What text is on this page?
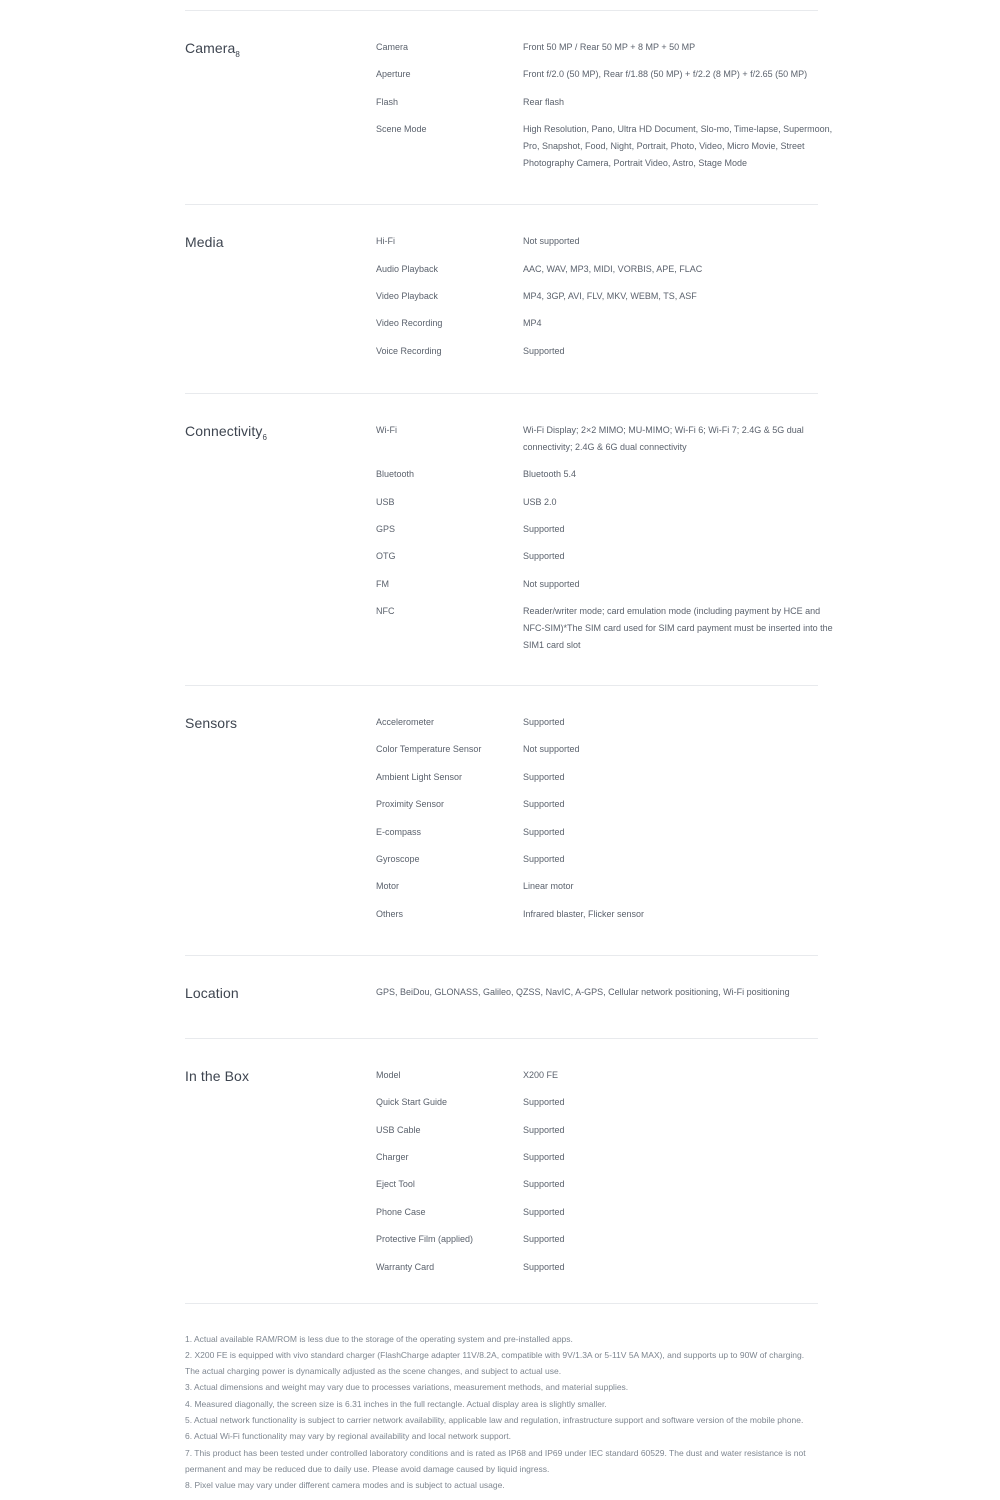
Camera$_8$
Camera	Front 50 MP / Rear 50 MP + 8 MP + 50 MP
Aperture	Front f/2.0 (50 MP), Rear f/1.88 (50 MP) + f/2.2 (8 MP) + f/2.65 (50 MP)
Flash	Rear flash
Scene Mode	High Resolution, Pano, Ultra HD Document, Slo-mo, Time-lapse, Supermoon, Pro, Snapshot, Food, Night, Portrait, Photo, Video, Micro Movie, Street Photography Camera, Portrait Video, Astro, Stage Mode
Media	Hi-Fi	Not supported
Audio Playback	AAC, WAV, MP3, MIDI, VORBIS, APE, FLAC
Video Playback	MP4, 3GP, AVI, FLV, MKV, WEBM, TS, ASF
Video Recording	MP4
Voice Recording	Supported
Connectivity$_6$
Wi-Fi	Wi-Fi Display; 2×2 MIMO; MU-MIMO; Wi-Fi 6; Wi-Fi 7; 2.4G & 5G dual connectivity; 2.4G & 6G dual connectivity
Bluetooth	Bluetooth 5.4
USB	USB 2.0
GPS	Supported
OTG	Supported
FM	Not supported
NFC	Reader/writer mode; card emulation mode (including payment by HCE and NFC-SIM)*The SIM card used for SIM card payment must be inserted into the SIM1 card slot
Sensors	Accelerometer	Supported
Color Temperature Sensor	Not supported
Ambient Light Sensor	Supported
Proximity Sensor	Supported
E-compass	Supported
Gyroscope	Supported
Motor	Linear motor
Others	Infrared blaster, Flicker sensor
Location	GPS, BeiDou, GLONASS, Galileo, QZSS, NavIC, A-GPS, Cellular network positioning, Wi-Fi positioning
In the Box	Model	X200 FE
Quick Start Guide	Supported
USB Cable	Supported
Charger	Supported
Eject Tool	Supported
Phone Case	Supported
Protective Film (applied)	Supported
Warranty Card	Supported

1. Actual available RAM/ROM is less due to the storage of the operating system and pre-installed apps.

2. X200 FE is equipped with vivo standard charger (FlashCharge adapter 11V/8.2A, compatible with 9V/1.3A or 5-11V 5A MAX), and supports up to 90W of charging. The actual charging power is dynamically adjusted as the scene changes, and subject to actual use.

3. Actual dimensions and weight may vary due to processes variations, measurement methods, and material supplies.

4. Measured diagonally, the screen size is 6.31 inches in the full rectangle. Actual display area is slightly smaller.

5. Actual network functionality is subject to carrier network availability, applicable law and regulation, infrastructure support and software version of the mobile phone.

6. Actual Wi-Fi functionality may vary by regional availability and local network support.

7. This product has been tested under controlled laboratory conditions and is rated as IP68 and IP69 under IEC standard 60529. The dust and water resistance is not permanent and may be reduced due to daily use. Please avoid damage caused by liquid ingress.

8. Pixel value may vary under different camera modes and is subject to actual usage.
